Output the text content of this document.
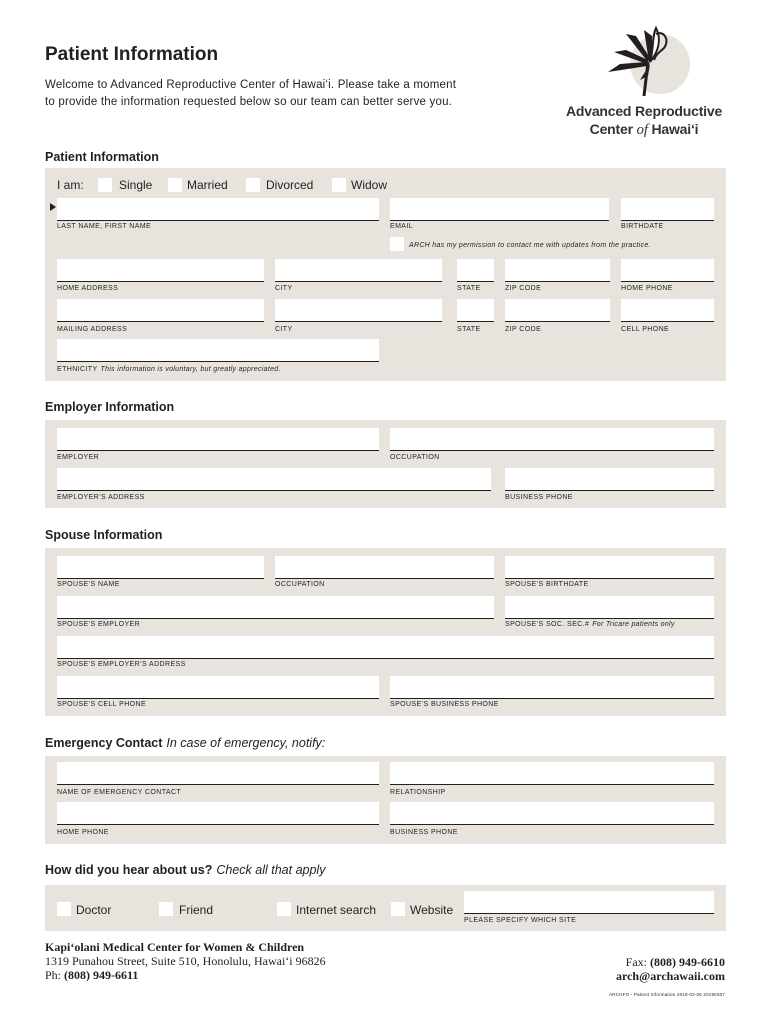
Patient Information
Welcome to Advanced Reproductive Center of Hawai‘i. Please take a moment
to provide the information requested below so our team can better serve you.
Advanced Reproductive
Center of Hawai‘i
Patient Information
I am:	Single	Married	Divorced	Widow
LAST NAME, FIRST NAME	EMAIL	BIRTHDATE
ARCH has my permission to contact me with updates from the practice.
HOME ADDRESS	CITY	STATE	ZIP CODE	HOME PHONE
MAILING ADDRESS	CITY	STATE	ZIP CODE	CELL PHONE
ETHNICITY This information is voluntary, but greatly appreciated.
Employer Information
EMPLOYER	OCCUPATION
EMPLOYER’S ADDRESS	BUSINESS PHONE
Spouse Information
SPOUSE’S NAME	OCCUPATION	SPOUSE’S BIRTHDATE
SPOUSE’S EMPLOYER	SPOUSE’S SOC. SEC.# For Tricare patients only
SPOUSE’S EMPLOYER’S ADDRESS
SPOUSE’S CELL PHONE	SPOUSE’S BUSINESS PHONE
Emergency Contact In case of emergency, notify:
NAME OF EMERGENCY CONTACT	RELATIONSHIP
HOME PHONE	BUSINESS PHONE
How did you hear about us? Check all that apply
Doctor	Friend	Internet search	Website
PLEASE SPECIFY WHICH SITE
Kapi‘olani Medical Center for Women & Children
1319 Punahou Street, Suite 510, Honolulu, Hawai‘i 96826
Ph: (808) 949-6611
Fax: (808) 949-6610
arch@archawaii.com
ARCHFO - Patient Information 2019-03-06 20190307
